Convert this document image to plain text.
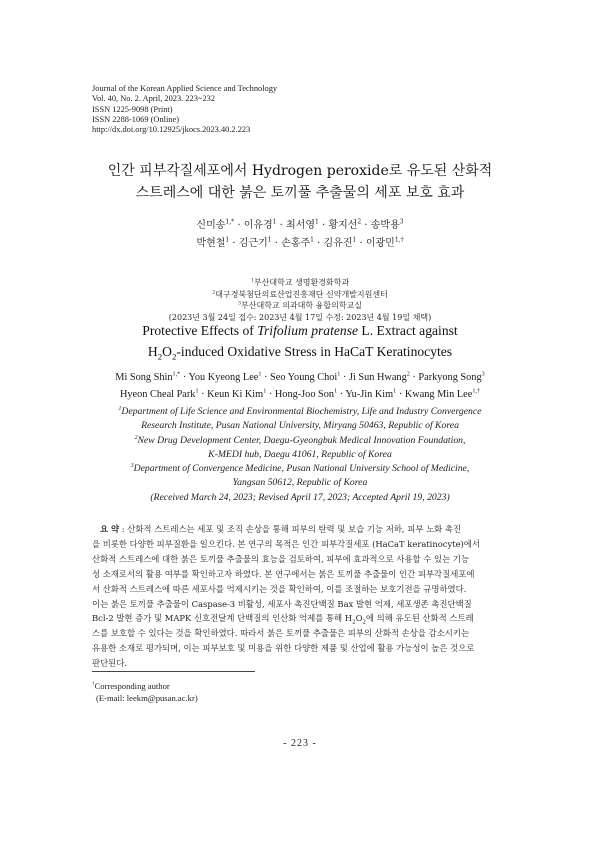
Journal of the Korean Applied Science and Technology
Vol. 40, No. 2. April, 2023. 223~232
ISSN 1225-9098 (Print)
ISSN 2288-1069 (Online)
http://dx.doi.org/10.12925/jkocs.2023.40.2.223
인간 피부각질세포에서 Hydrogen peroxide로 유도된 산화적
스트레스에 대한 붉은 토끼풀 추출물의 세포 보호 효과
신미송$^{1,*}$ · 이유경$^1$ · 최서영$^1$ · 황지선$^2$ · 송박용$^3$
박현철$^1$ · 김근기$^1$ · 손홍주$^1$ · 김유진$^1$ · 이광민$^{1,\dagger}$
$^1$부산대학교 생명환경화학과
$^2$대구경북첨단의료산업진흥재단 신약개발지원센터
$^3$부산대학교 의과대학 융합의학교실
(2023년 3월 24일 접수: 2023년 4월 17일 수정: 2023년 4월 19일 채택)
Protective Effects of Trifolium pratense L. Extract against
$H_2O_2$-induced Oxidative Stress in HaCaT Keratinocytes
Mi Song Shin$^{1,*}$ · You Kyeong Lee$^1$ · Seo Young Choi$^1$ · Ji Sun Hwang$^2$ · Parkyong Song$^3$
Hyeon Cheal Park$^1$ · Keun Ki Kim$^1$ · Hong-Joo Son$^1$ · Yu-Jin Kim$^1$ · Kwang Min Lee$^{1,\dagger}$
$^1$Department of Life Science and Environmental Biochemistry, Life and Industry Convergence
Research Institute, Pusan National University, Miryang 50463, Republic of Korea
$^2$New Drug Development Center, Daegu-Gyeongbuk Medical Innovation Foundation,
K-MEDI hub, Daegu 41061, Republic of Korea
$^3$Department of Convergence Medicine, Pusan National University School of Medicine,
Yangsan 50612, Republic of Korea
(Received March 24, 2023; Revised April 17, 2023; Accepted April 19, 2023)
요 약 : 산화적 스트레스는 세포 및 조직 손상을 통해 피부의 탄력 및 보습 기능 저하, 피부 노화 촉진
을 비롯한 다양한 피부질환을 일으킨다. 본 연구의 목적은 인간 피부각질세포 (HaCaT keratinocyte)에서
산화적 스트레스에 대한 붉은 토끼풀 추출물의 효능을 검토하여, 피부에 효과적으로 사용할 수 있는 기능
성 소재로서의 활용 여부를 확인하고자 하였다. 본 연구에서는 붉은 토끼풀 추출물이 인간 피부각질세포에
서 산화적 스트레스에 따른 세포사를 억제시키는 것을 확인하여, 이를 조절하는 보호기전을 규명하였다.
이는 붉은 토끼풀 추출물이 Caspase-3 비활성, 세포사 촉진단백질 Bax 발현 억제, 세포생존 촉진단백질
Bcl-2 발현 증가 및 MAPK 신호전달계 단백질의 인산화 억제를 통해 $H_2O_2$에 의해 유도된 산화적 스트레
스를 보호할 수 있다는 것을 확인하였다. 따라서 붉은 토끼풀 추출물은 피부의 산화적 손상을 감소시키는
유용한 소재로 평가되며, 이는 피부보호 및 미용을 위한 다양한 제품 및 산업에 활용 가능성이 높은 것으로
판단된다.
†Corresponding author
(E-mail: leekm@pusan.ac.kr)
- 223 -
